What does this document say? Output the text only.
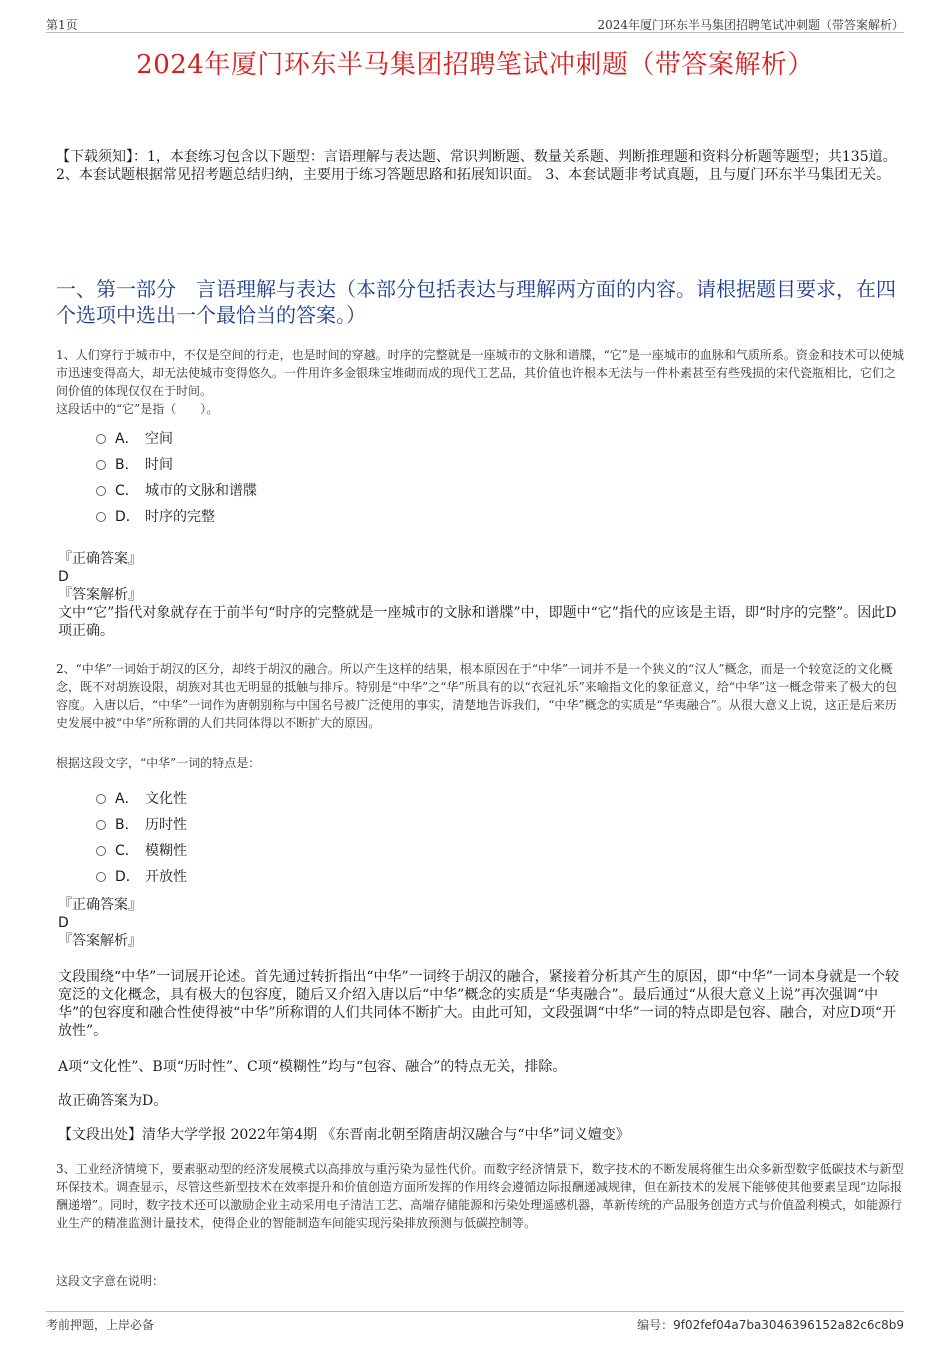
第1页	2024年厦门环东半马集团招聘笔试冲刺题（带答案解析）
2024年厦门环东半马集团招聘笔试冲刺题（带答案解析）
【下载须知】：1，本套练习包含以下题型：言语理解与表达题、常识判断题、数量关系题、判断推理题和资料分析题等题型；共135道。 2、本套试题根据常见招考题总结归纳，主要用于练习答题思路和拓展知识面。 3、本套试题非考试真题，且与厦门环东半马集团无关。
一、第一部分　言语理解与表达（本部分包括表达与理解两方面的内容。请根据题目要求，在四个选项中选出一个最恰当的答案。）
1、人们穿行于城市中，不仅是空间的行走，也是时间的穿越。时序的完整就是一座城市的文脉和谱牒，“它”是一座城市的血脉和气质所系。资金和技术可以使城市迅速变得高大，却无法使城市变得悠久。一件用许多金银珠宝堆砌而成的现代工艺品，其价值也许根本无法与一件朴素甚至有些残损的宋代瓷瓶相比，它们之间价值的体现仅仅在于时间。
这段话中的“它”是指（　　）。
A． 空间
B． 时间
C． 城市的文脉和谱牒
D． 时序的完整
『正确答案』
D
『答案解析』
文中“它”指代对象就存在于前半句“时序的完整就是一座城市的文脉和谱牒”中，即题中“它”指代的应该是主语，即“时序的完整”。因此D项正确。
2、“中华”一词始于胡汉的区分，却终于胡汉的融合。所以产生这样的结果，根本原因在于“中华”一词并不是一个狭义的“汉人”概念，而是一个较宽泛的文化概念，既不对胡族设限，胡族对其也无明显的抵触与排斥。特别是“中华”之“华”所具有的以“衣冠礼乐”来喻指文化的象征意义，给“中华”这一概念带来了极大的包容度。入唐以后，“中华”一词作为唐朝别称与中国名号被广泛使用的事实，清楚地告诉我们，“中华”概念的实质是“华夷融合”。从很大意义上说，这正是后来历史发展中被“中华”所称谓的人们共同体得以不断扩大的原因。
根据这段文字，“中华”一词的特点是：
A． 文化性
B． 历时性
C． 模糊性
D． 开放性
『正确答案』
D
『答案解析』
文段围绕“中华”一词展开论述。首先通过转折指出“中华”一词终于胡汉的融合，紧接着分析其产生的原因，即“中华”一词本身就是一个较宽泛的文化概念，具有极大的包容度，随后又介绍入唐以后“中华”概念的实质是“华夷融合”。最后通过“从很大意义上说”再次强调“中华”的包容度和融合性使得被“中华”所称谓的人们共同体不断扩大。由此可知，文段强调“中华”一词的特点即是包容、融合，对应D项“开放性”。
A项“文化性”、B项“历时性”、C项“模糊性”均与“包容、融合”的特点无关，排除。
故正确答案为D。
【文段出处】清华大学学报 2022年第4期 《东晋南北朝至隋唐胡汉融合与“中华”词义嬗变》
3、工业经济情境下，要素驱动型的经济发展模式以高排放与重污染为显性代价。而数字经济情景下，数字技术的不断发展将催生出众多新型数字低碳技术与新型环保技术。调查显示，尽管这些新型技术在效率提升和价值创造方面所发挥的作用终会遵循边际报酬递减规律，但在新技术的发展下能够使其他要素呈现“边际报酬递增”。同时，数字技术还可以激励企业主动采用电子清洁工艺、高端存储能源和污染处理遥感机器，革新传统的产品服务创造方式与价值盈利模式，如能源行业生产的精准监测计量技术，使得企业的智能制造车间能实现污染排放预测与低碳控制等。
这段文字意在说明：
考前押题，上岸必备	编号：9f02fef04a7ba3046396152a82c6c8b9
